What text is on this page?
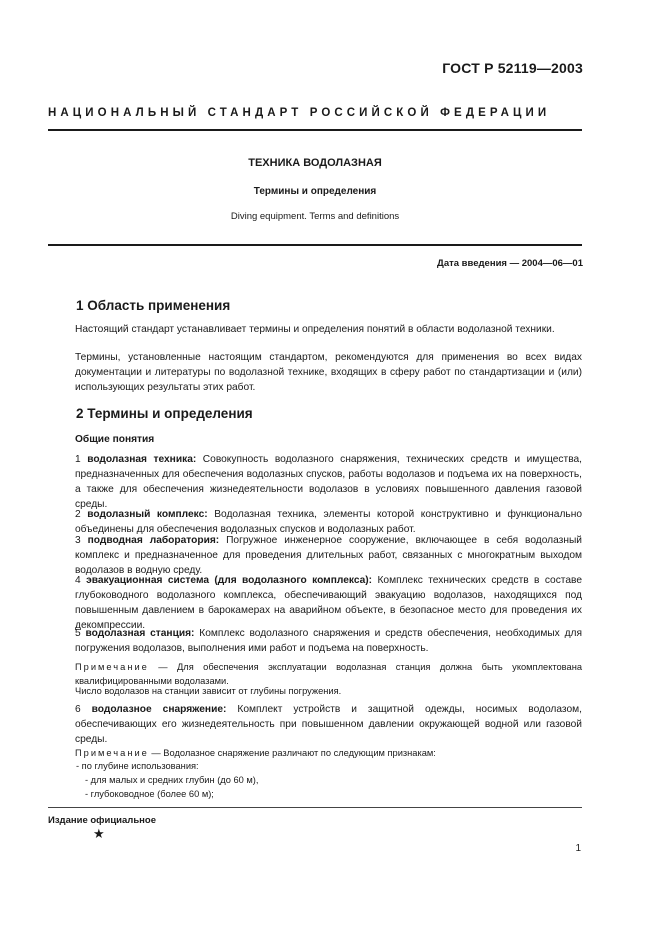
ГОСТ Р 52119—2003
НАЦИОНАЛЬНЫЙ СТАНДАРТ РОССИЙСКОЙ ФЕДЕРАЦИИ
ТЕХНИКА ВОДОЛАЗНАЯ
Термины и определения
Diving equipment. Terms and definitions
Дата введения — 2004—06—01
1 Область применения
Настоящий стандарт устанавливает термины и определения понятий в области водолазной техники.
Термины, установленные настоящим стандартом, рекомендуются для применения во всех видах документации и литературы по водолазной технике, входящих в сферу работ по стандартизации и (или) использующих результаты этих работ.
2 Термины и определения
Общие понятия
1 водолазная техника: Совокупность водолазного снаряжения, технических средств и имущества, предназначенных для обеспечения водолазных спусков, работы водолазов и подъема их на поверхность, а также для обеспечения жизнедеятельности водолазов в условиях повышенного давления газовой среды.
2 водолазный комплекс: Водолазная техника, элементы которой конструктивно и функционально объединены для обеспечения водолазных спусков и водолазных работ.
3 подводная лаборатория: Погружное инженерное сооружение, включающее в себя водолазный комплекс и предназначенное для проведения длительных работ, связанных с многократным выходом водолазов в водную среду.
4 эвакуационная система (для водолазного комплекса): Комплекс технических средств в составе глубоководного водолазного комплекса, обеспечивающий эвакуацию водолазов, находящихся под повышенным давлением в барокамерах на аварийном объекте, в безопасное место для проведения их декомпрессии.
5 водолазная станция: Комплекс водолазного снаряжения и средств обеспечения, необходимых для погружения водолазов, выполнения ими работ и подъема на поверхность.
Примечание — Для обеспечения эксплуатации водолазная станция должна быть укомплектована квалифицированными водолазами.
Число водолазов на станции зависит от глубины погружения.
6 водолазное снаряжение: Комплект устройств и защитной одежды, носимых водолазом, обеспечивающих его жизнедеятельность при повышенном давлении окружающей водной или газовой среды.
Примечание — Водолазное снаряжение различают по следующим признакам:
- по глубине использования:
- для малых и средних глубин (до 60 м),
- глубоководное (более 60 м);
Издание официальное
★
1
